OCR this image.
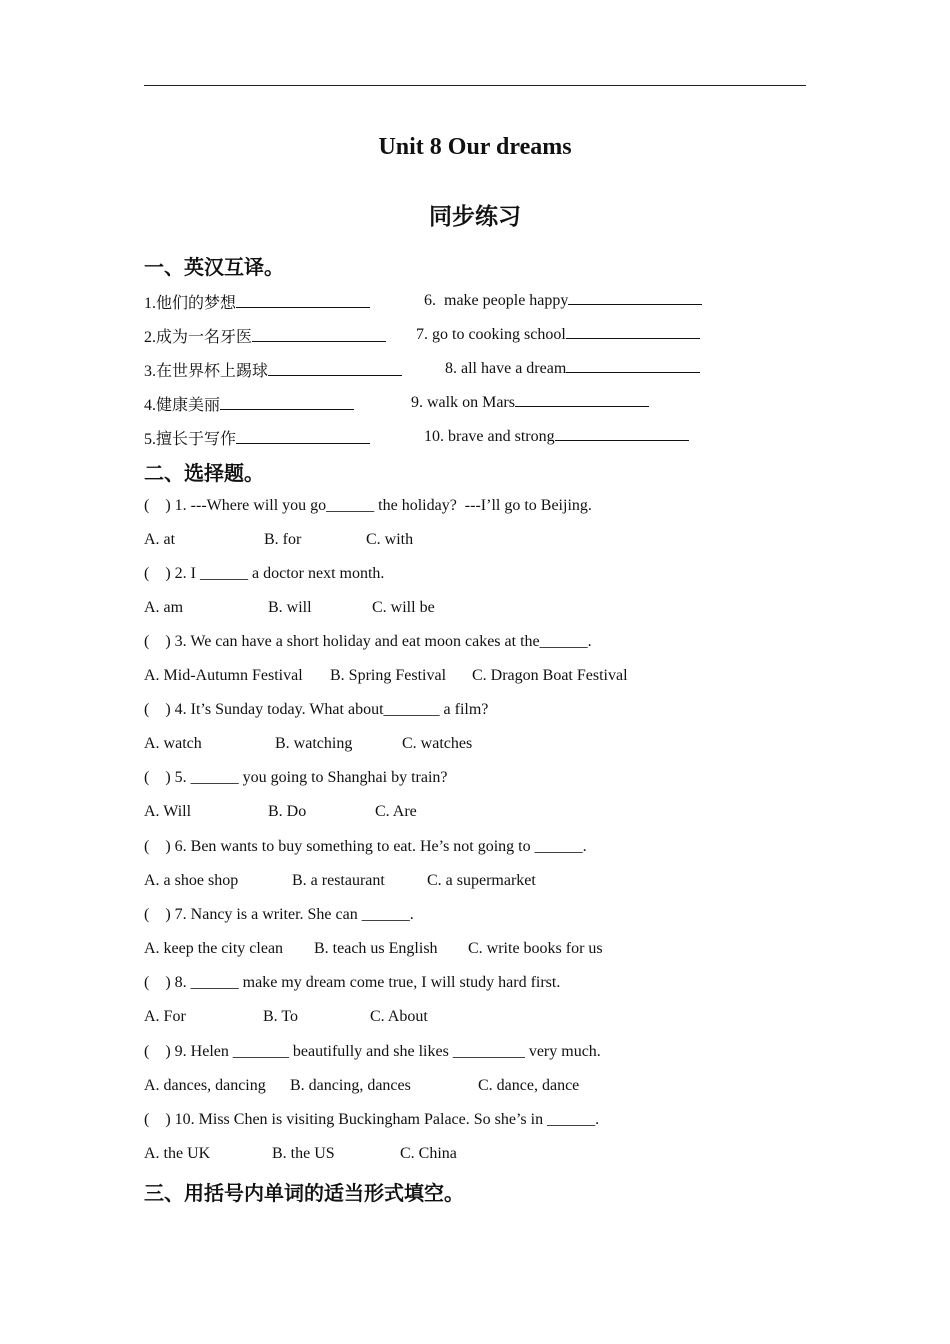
Unit 8 Our dreams
同步练习
一、英汉互译。
1.他们的梦想	6.  make people happy
2.成为一名牙医	7. go to cooking school
3.在世界杯上踢球	8. all have a dream
4.健康美丽	9. walk on Mars
5.擅长于写作	10. brave and strong
二、选择题。
(    ) 1. ---Where will you go______ the holiday?  ---I’ll go to Beijing.
A. at	B. for	C. with
(    ) 2. I ______ a doctor next month.
A. am	B. will	C. will be
(    ) 3. We can have a short holiday and eat moon cakes at the______.
A. Mid-Autumn Festival B. Spring Festival C. Dragon Boat Festival
(    ) 4. It’s Sunday today. What about_______ a film?
A. watch	B. watching	C. watches
(    ) 5. ______ you going to Shanghai by train?
A. Will	B. Do	C. Are
(    ) 6. Ben wants to buy something to eat. He’s not going to ______.
A. a shoe shop	B. a restaurant	C. a supermarket
(    ) 7. Nancy is a writer. She can ______.
A. keep the city clean B. teach us English C. write books for us
(    ) 8. ______ make my dream come true, I will study hard first.
A. For	B. To	C. About
(    ) 9. Helen _______ beautifully and she likes _________ very much.
A. dances, dancing B. dancing, dances	C. dance, dance
(    ) 10. Miss Chen is visiting Buckingham Palace. So she’s in ______.
A. the UK	B. the US	C. China
三、用括号内单词的适当形式填空。
